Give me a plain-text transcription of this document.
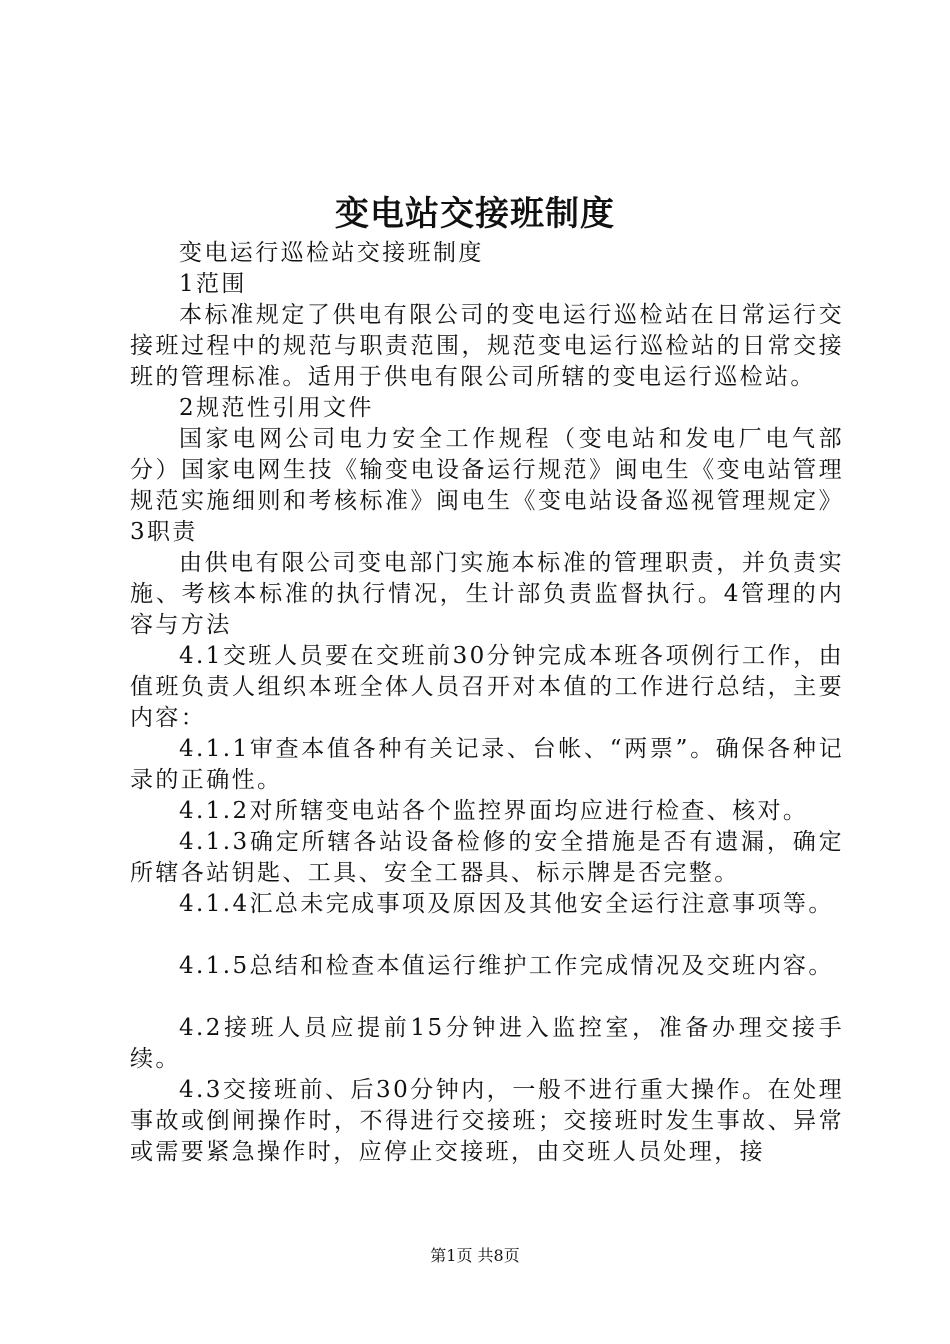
变电站交接班制度

变电运行巡检站交接班制度

1范围

本标准规定了供电有限公司的变电运行巡检站在日常运行交接班过程中的规范与职责范围，规范变电运行巡检站的日常交接班的管理标准。适用于供电有限公司所辖的变电运行巡检站。

2规范性引用文件

国家电网公司电力安全工作规程（变电站和发电厂电气部分）国家电网生技《输变电设备运行规范》闽电生《变电站管理规范实施细则和考核标准》闽电生《变电站设备巡视管理规定》3职责

由供电有限公司变电部门实施本标准的管理职责，并负责实施、考核本标准的执行情况，生计部负责监督执行。4管理的内容与方法

4.1交班人员要在交班前30分钟完成本班各项例行工作，由值班负责人组织本班全体人员召开对本值的工作进行总结，主要内容：

4.1.1审查本值各种有关记录、台帐、“两票”。确保各种记录的正确性。

4.1.2对所辖变电站各个监控界面均应进行检查、核对。

4.1.3确定所辖各站设备检修的安全措施是否有遗漏，确定所辖各站钥匙、工具、安全工器具、标示牌是否完整。

4.1.4汇总未完成事项及原因及其他安全运行注意事项等。

4.1.5总结和检查本值运行维护工作完成情况及交班内容。

4.2接班人员应提前15分钟进入监控室，准备办理交接手续。

4.3交接班前、后30分钟内，一般不进行重大操作。在处理事故或倒闸操作时，不得进行交接班；交接班时发生事故、异常或需要紧急操作时，应停止交接班，由交班人员处理，接

第1页 共8页
